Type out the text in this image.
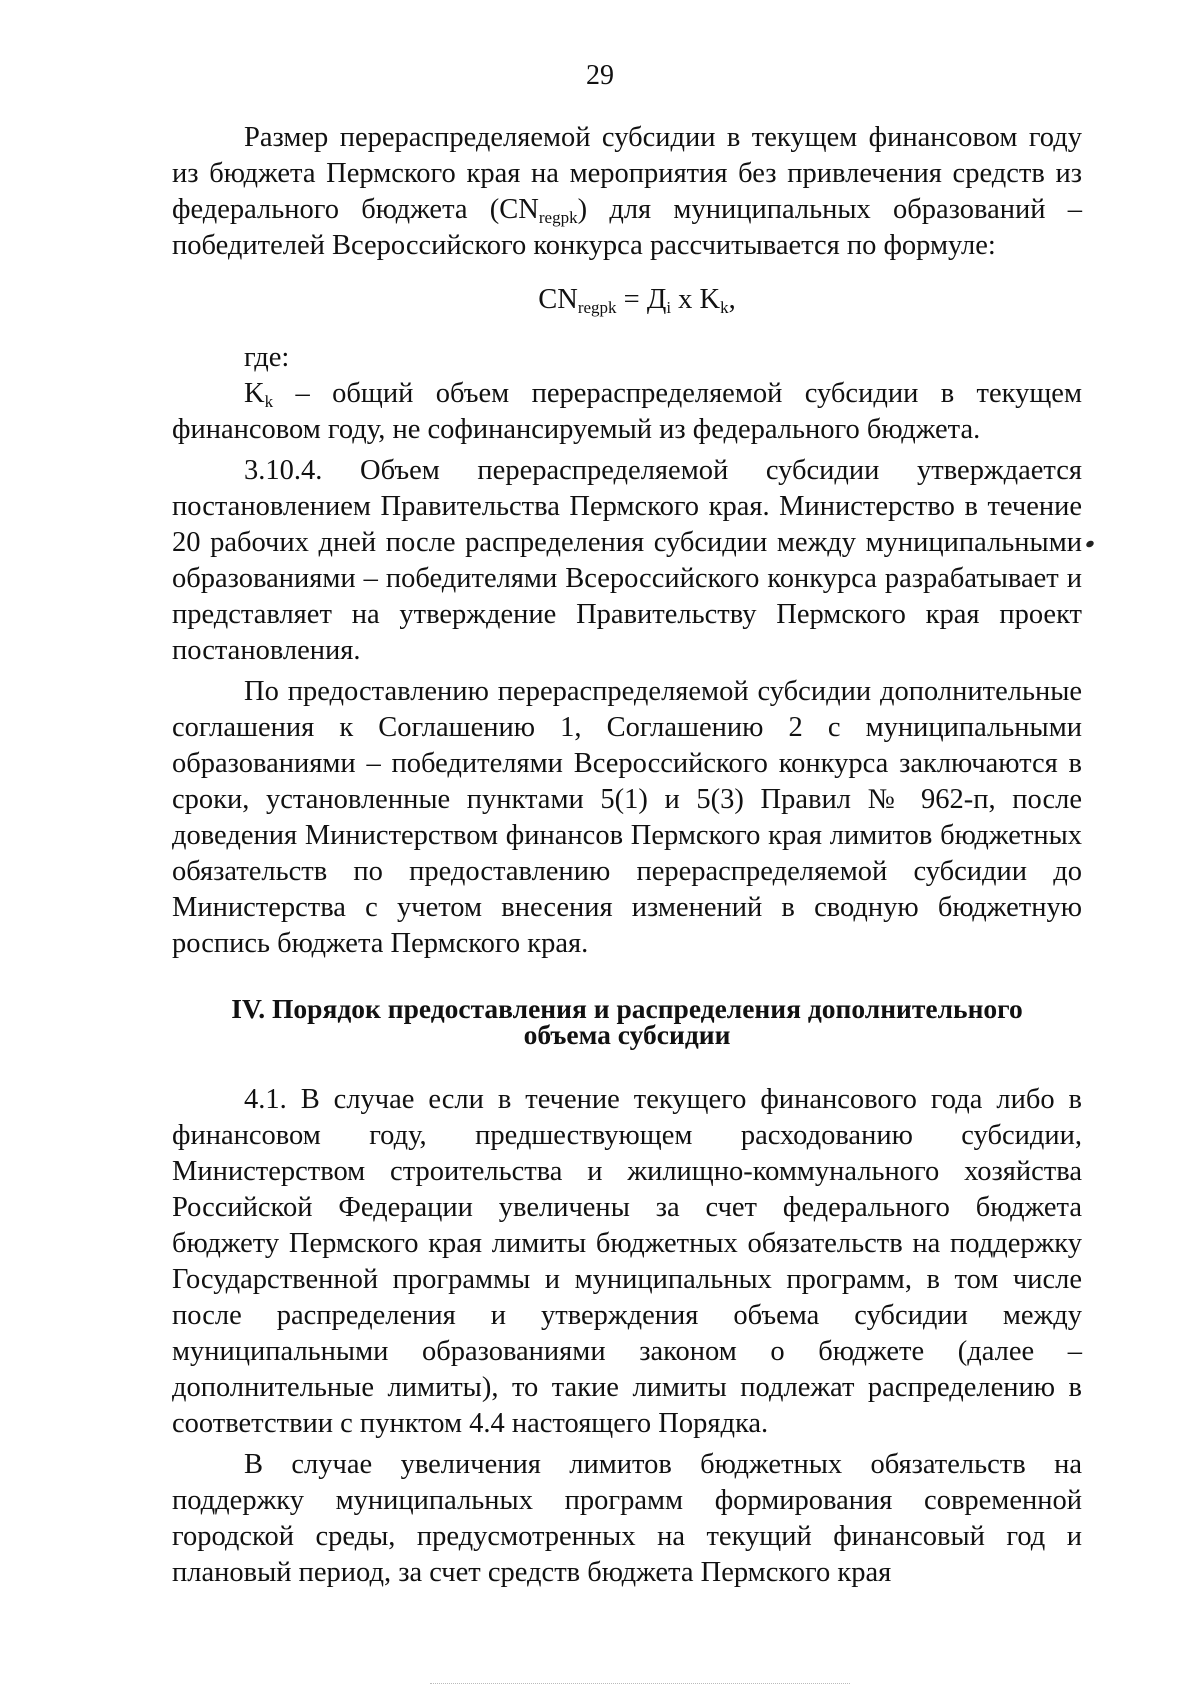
29

Размер перераспределяемой субсидии в текущем финансовом году из бюджета Пермского края на мероприятия без привлечения средств из федерального бюджета $(CN_{regpk})$ для муниципальных образований – победителей Всероссийского конкурса рассчитывается по формуле:

$CN_{regpk} = Д_i$ x $K_k$,

где:

$K_k$ – общий объем перераспределяемой субсидии в текущем финансовом году, не софинансируемый из федерального бюджета.

3.10.4. Объем перераспределяемой субсидии утверждается постановлением Правительства Пермского края. Министерство в течение 20 рабочих дней после распределения субсидии между муниципальными образованиями – победителями Всероссийского конкурса разрабатывает и представляет на утверждение Правительству Пермского края проект постановления.

По предоставлению перераспределяемой субсидии дополнительные соглашения к Соглашению 1, Соглашению 2 с муниципальными образованиями – победителями Всероссийского конкурса заключаются в сроки, установленные пунктами 5(1) и 5(3) Правил № 962-п, после доведения Министерством финансов Пермского края лимитов бюджетных обязательств по предоставлению перераспределяемой субсидии до Министерства с учетом внесения изменений в сводную бюджетную роспись бюджета Пермского края.

IV. Порядок предоставления и распределения дополнительного
объема субсидии

4.1. В случае если в течение текущего финансового года либо в финансовом году, предшествующем расходованию субсидии, Министерством строительства и жилищно-коммунального хозяйства Российской Федерации увеличены за счет федерального бюджета бюджету Пермского края лимиты бюджетных обязательств на поддержку Государственной программы и муниципальных программ, в том числе после распределения и утверждения объема субсидии между муниципальными образованиями законом о бюджете (далее – дополнительные лимиты), то такие лимиты подлежат распределению в соответствии с пунктом 4.4 настоящего Порядка.

В случае увеличения лимитов бюджетных обязательств на поддержку муниципальных программ формирования современной городской среды, предусмотренных на текущий финансовый год и плановый период, за счет средств бюджета Пермского края
